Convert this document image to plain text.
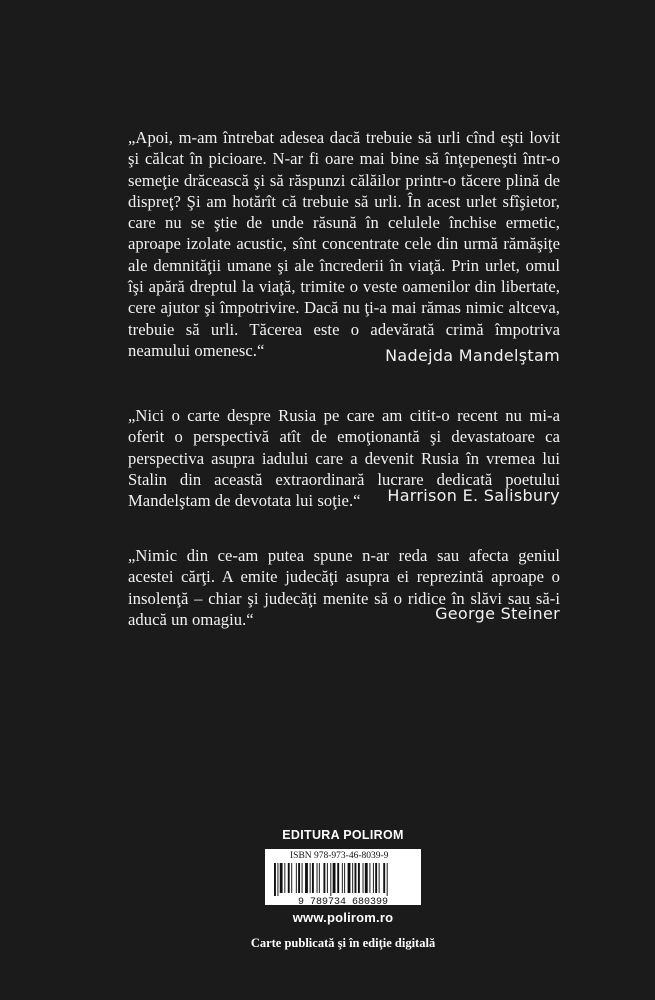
„Apoi, m-am întrebat adesea dacă trebuie să urli cînd eşti lovit şi călcat în picioare. N-ar fi oare mai bine să înţepeneşti într-o semeţie drăcească şi să răspunzi călăilor printr-o tăcere plină de dispreţ? Şi am hotărît că trebuie să urli. În acest urlet sfîşietor, care nu se ştie de unde răsună în celulele închise ermetic, aproape izolate acustic, sînt concentrate cele din urmă rămăşiţe ale demnităţii umane şi ale încrederii în viaţă. Prin urlet, omul îşi apără dreptul la viaţă, trimite o veste oamenilor din libertate, cere ajutor şi împotrivire. Dacă nu ţi-a mai rămas nimic altceva, trebuie să urli. Tăcerea este o adevărată crimă împotriva neamului omenesc.“	Nadejda Mandelştam

„Nici o carte despre Rusia pe care am citit-o recent nu mi-a oferit o perspectivă atît de emoţionantă şi devastatoare ca perspectiva asupra iadului care a devenit Rusia în vremea lui Stalin din această extraordinară lucrare dedicată poetului Mandelştam de devotata lui soţie.“	Harrison E. Salisbury

„Nimic din ce-am putea spune n-ar reda sau afecta geniul acestei cărţi. A emite judecăţi asupra ei reprezintă aproape o insolenţă – chiar şi judecăţi menite să o ridice în slăvi sau să-i aducă un omagiu.“	George Steiner
EDITURA POLIROM
ISBN 978-973-46-8039-9
9 789734 680399
www.polirom.ro
Carte publicată şi în ediţie digitală
